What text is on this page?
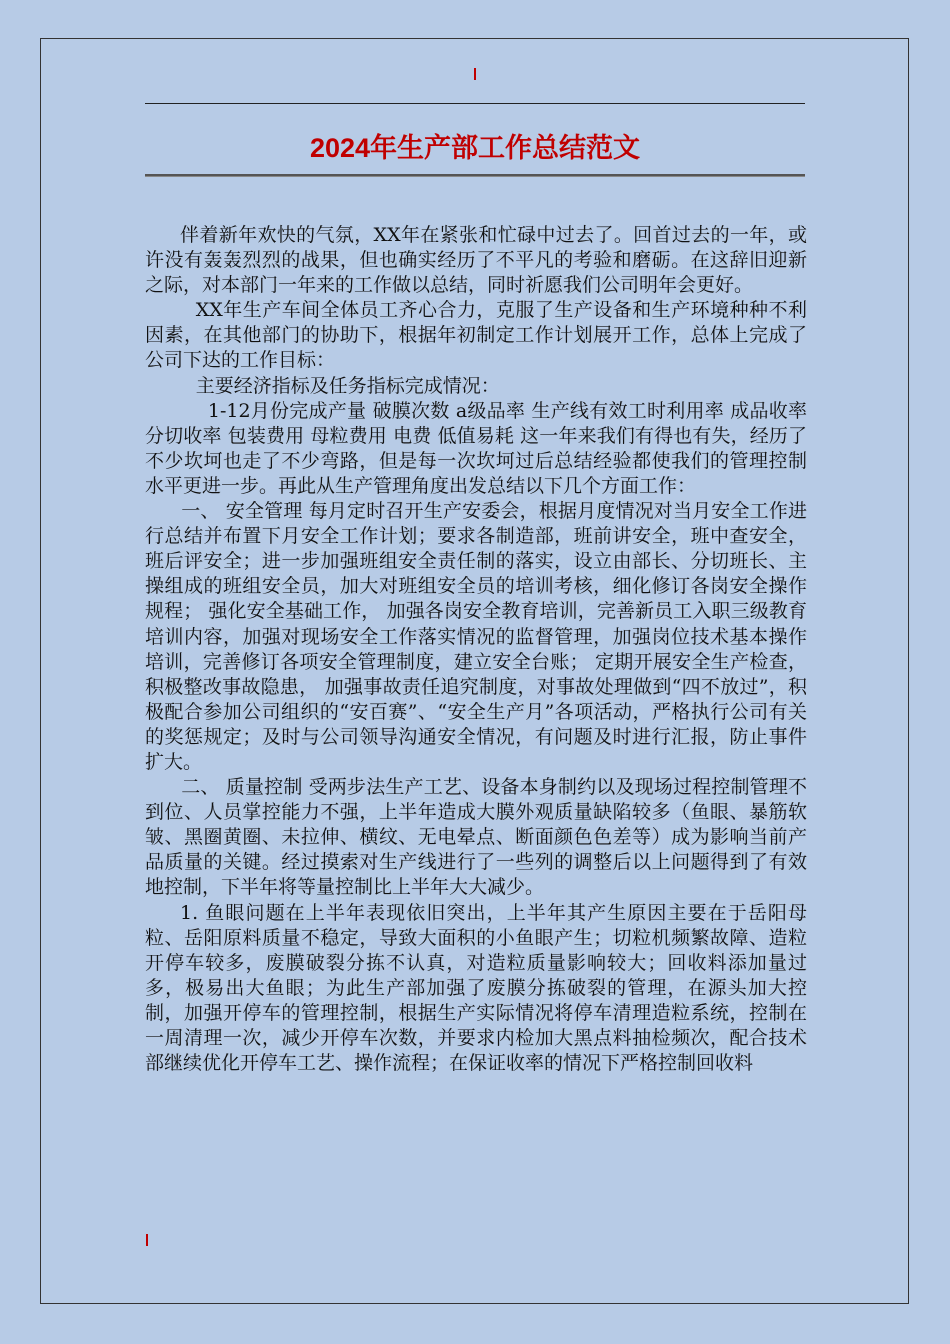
2024年生产部工作总结范文

伴着新年欢快的气氛，XX年在紧张和忙碌中过去了。回首过去的一年，或许没有轰轰烈烈的战果，但也确实经历了不平凡的考验和磨砺。在这辞旧迎新之际，对本部门一年来的工作做以总结，同时祈愿我们公司明年会更好。

XX年生产车间全体员工齐心合力，克服了生产设备和生产环境种种不利因素，在其他部门的协助下，根据年初制定工作计划展开工作，总体上完成了公司下达的工作目标：

主要经济指标及任务指标完成情况：

1-12月份完成产量 破膜次数 a级品率 生产线有效工时利用率 成品收率 分切收率 包装费用 母粒费用 电费 低值易耗 这一年来我们有得也有失，经历了不少坎坷也走了不少弯路，但是每一次坎坷过后总结经验都使我们的管理控制水平更进一步。再此从生产管理角度出发总结以下几个方面工作：

一、 安全管理 每月定时召开生产安委会，根据月度情况对当月安全工作进行总结并布置下月安全工作计划；要求各制造部，班前讲安全，班中查安全，班后评安全；进一步加强班组安全责任制的落实，设立由部长、分切班长、主操组成的班组安全员，加大对班组安全员的培训考核，细化修订各岗安全操作规程； 强化安全基础工作， 加强各岗安全教育培训，完善新员工入职三级教育培训内容，加强对现场安全工作落实情况的监督管理，加强岗位技术基本操作培训，完善修订各项安全管理制度，建立安全台账； 定期开展安全生产检查，积极整改事故隐患， 加强事故责任追究制度，对事故处理做到“四不放过”，积极配合参加公司组织的“安百赛”、“安全生产月”各项活动，严格执行公司有关的奖惩规定；及时与公司领导沟通安全情况，有问题及时进行汇报，防止事件扩大。

二、 质量控制 受两步法生产工艺、设备本身制约以及现场过程控制管理不到位、人员掌控能力不强，上半年造成大膜外观质量缺陷较多（鱼眼、暴筋软皱、黑圈黄圈、未拉伸、横纹、无电晕点、断面颜色色差等）成为影响当前产品质量的关键。经过摸索对生产线进行了一些列的调整后以上问题得到了有效地控制，下半年将等量控制比上半年大大减少。

1. 鱼眼问题在上半年表现依旧突出，上半年其产生原因主要在于岳阳母粒、岳阳原料质量不稳定，导致大面积的小鱼眼产生；切粒机频繁故障、造粒开停车较多，废膜破裂分拣不认真，对造粒质量影响较大；回收料添加量过多，极易出大鱼眼；为此生产部加强了废膜分拣破裂的管理，在源头加大控制，加强开停车的管理控制，根据生产实际情况将停车清理造粒系统，控制在一周清理一次，减少开停车次数，并要求内检加大黑点料抽检频次，配合技术部继续优化开停车工艺、操作流程；在保证收率的情况下严格控制回收料
